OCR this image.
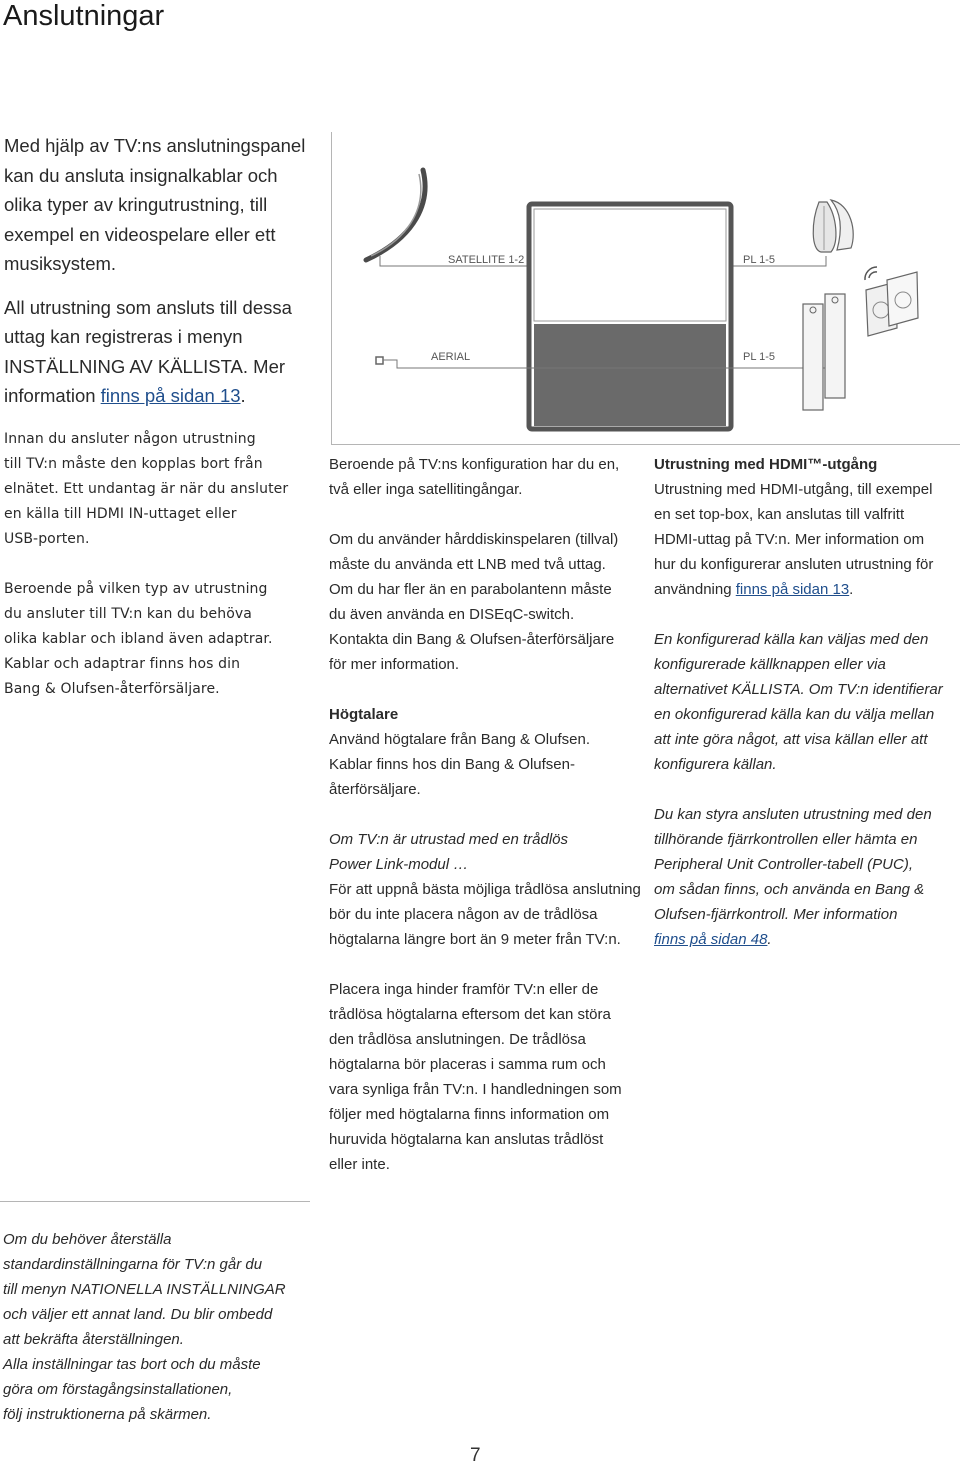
Anslutningar

Med hjälp av TV:ns anslutningspanel
kan du ansluta insignalkablar och
olika typer av kringutrustning, till
exempel en videospelare eller ett
musiksystem.

All utrustning som ansluts till dessa
uttag kan registreras i menyn
INSTÄLLNING AV KÄLLISTA. Mer
information finns på sidan 13.

SATELLITE 1-2	PL 1-5
AERIAL	PL 1-5

Innan du ansluter någon utrustning
till TV:n måste den kopplas bort från
elnätet. Ett undantag är när du ansluter
en källa till HDMI IN-uttaget eller
USB-porten.

Beroende på vilken typ av utrustning
du ansluter till TV:n kan du behöva
olika kablar och ibland även adaptrar.
Kablar och adaptrar finns hos din
Bang & Olufsen-återförsäljare.

Beroende på TV:ns konfiguration har du en,
två eller inga satellitingångar.

Om du använder hårddiskinspelaren (tillval)
måste du använda ett LNB med två uttag.
Om du har fler än en parabolantenn måste
du även använda en DISEqC-switch.
Kontakta din Bang & Olufsen-återförsäljare
för mer information.

Högtalare

Använd högtalare från Bang & Olufsen.
Kablar finns hos din Bang & Olufsen-
återförsäljare.

Om TV:n är utrustad med en trådlös
Power Link-modul …

För att uppnå bästa möjliga trådlösa anslutning
bör du inte placera någon av de trådlösa
högtalarna längre bort än 9 meter från TV:n.

Placera inga hinder framför TV:n eller de
trådlösa högtalarna eftersom det kan störa
den trådlösa anslutningen. De trådlösa
högtalarna bör placeras i samma rum och
vara synliga från TV:n. I handledningen som
följer med högtalarna finns information om
huruvida högtalarna kan anslutas trådlöst
eller inte.

Utrustning med HDMI™-utgång

Utrustning med HDMI-utgång, till exempel
en set top-box, kan anslutas till valfritt
HDMI-uttag på TV:n. Mer information om
hur du konfigurerar ansluten utrustning för
användning finns på sidan 13.

En konfigurerad källa kan väljas med den
konfigurerade källknappen eller via
alternativet KÄLLISTA. Om TV:n identifierar
en okonfigurerad källa kan du välja mellan
att inte göra något, att visa källan eller att
konfigurera källan.

Du kan styra ansluten utrustning med den
tillhörande fjärrkontrollen eller hämta en
Peripheral Unit Controller-tabell (PUC),
om sådan finns, och använda en Bang &
Olufsen-fjärrkontroll. Mer information
finns på sidan 48.

Om du behöver återställa
standardinställningarna för TV:n går du
till menyn NATIONELLA INSTÄLLNINGAR
och väljer ett annat land. Du blir ombedd
att bekräfta återställningen.
Alla inställningar tas bort och du måste
göra om förstagångsinstallationen,
följ instruktionerna på skärmen.

7
